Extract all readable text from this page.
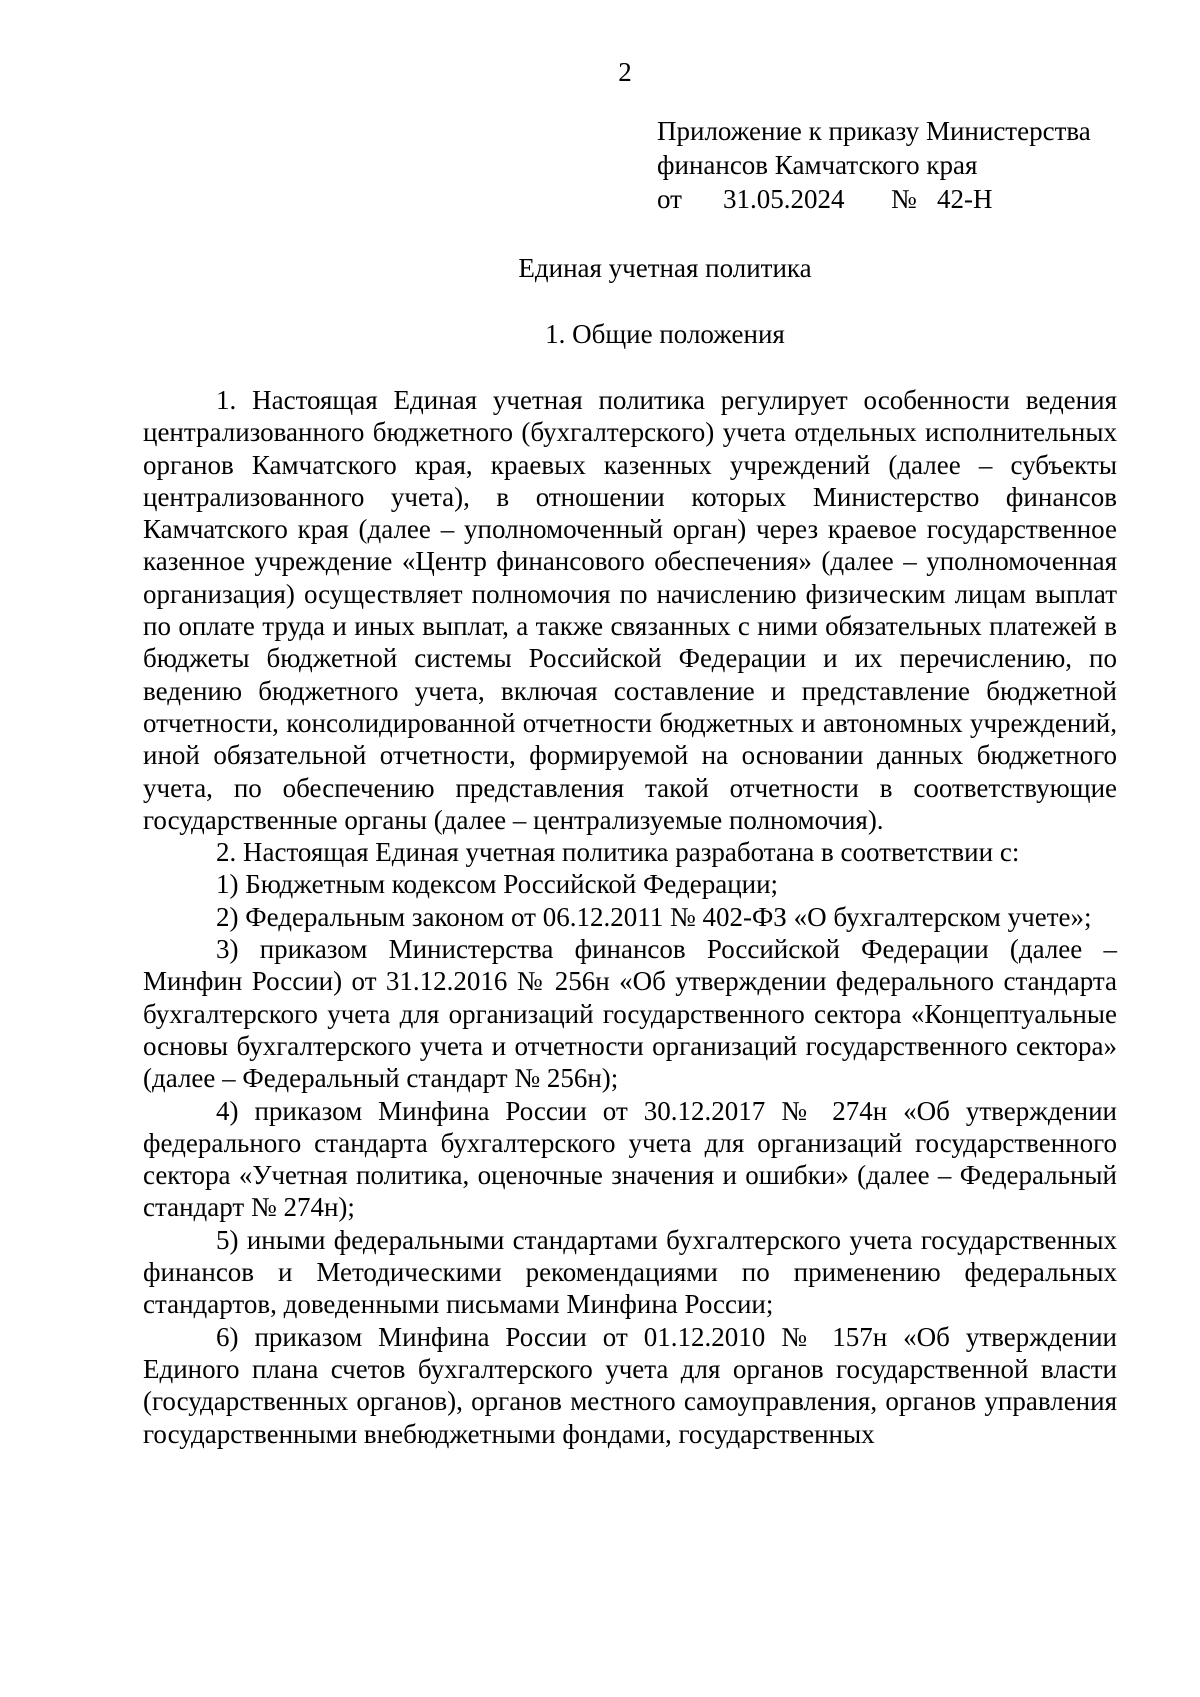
2
Приложение к приказу Министерства
финансов Камчатского края
от 31.05.2024 № 42-Н
Единая учетная политика
1. Общие положения

1. Настоящая Единая учетная политика регулирует особенности ведения централизованного бюджетного (бухгалтерского) учета отдельных исполнительных органов Камчатского края, краевых казенных учреждений (далее – субъекты централизованного учета), в отношении которых Министерство финансов Камчатского края (далее – уполномоченный орган) через краевое государственное казенное учреждение «Центр финансового обеспечения» (далее – уполномоченная организация) осуществляет полномочия по начислению физическим лицам выплат по оплате труда и иных выплат, а также связанных с ними обязательных платежей в бюджеты бюджетной системы Российской Федерации и их перечислению, по ведению бюджетного учета, включая составление и представление бюджетной отчетности, консолидированной отчетности бюджетных и автономных учреждений, иной обязательной отчетности, формируемой на основании данных бюджетного учета, по обеспечению представления такой отчетности в соответствующие государственные органы (далее – централизуемые полномочия).

2. Настоящая Единая учетная политика разработана в соответствии с:

1) Бюджетным кодексом Российской Федерации;

2) Федеральным законом от 06.12.2011 № 402-ФЗ «О бухгалтерском учете»;

3) приказом Министерства финансов Российской Федерации (далее – Минфин России) от 31.12.2016 № 256н «Об утверждении федерального стандарта бухгалтерского учета для организаций государственного сектора «Концептуальные основы бухгалтерского учета и отчетности организаций государственного сектора» (далее – Федеральный стандарт № 256н);

4) приказом Минфина России от 30.12.2017 № 274н «Об утверждении федерального стандарта бухгалтерского учета для организаций государственного сектора «Учетная политика, оценочные значения и ошибки» (далее – Федеральный стандарт № 274н);

5) иными федеральными стандартами бухгалтерского учета государственных финансов и Методическими рекомендациями по применению федеральных стандартов, доведенными письмами Минфина России;

6) приказом Минфина России от 01.12.2010 № 157н «Об утверждении Единого плана счетов бухгалтерского учета для органов государственной власти (государственных органов), органов местного самоуправления, органов управления государственными внебюджетными фондами, государственных
